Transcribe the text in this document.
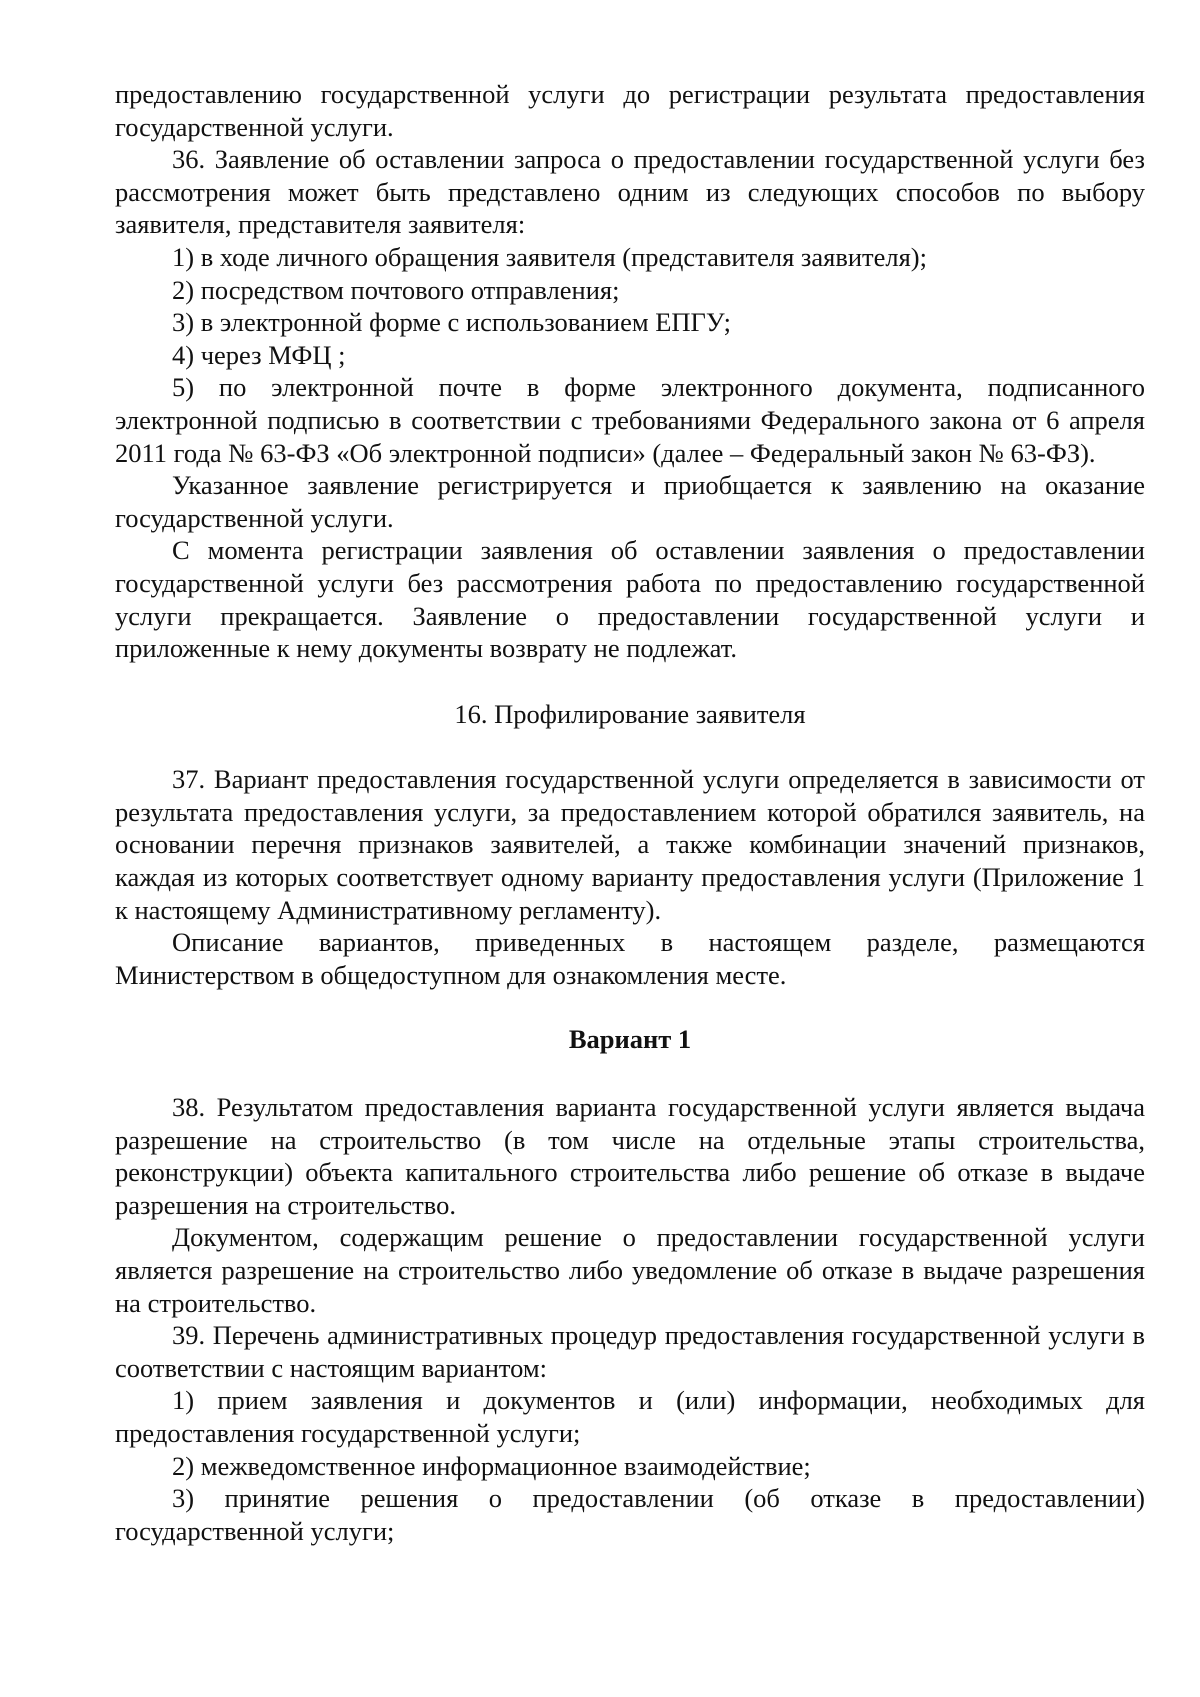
предоставлению государственной услуги до регистрации результата предоставления государственной услуги.

36. Заявление об оставлении запроса о предоставлении государственной услуги без рассмотрения может быть представлено одним из следующих способов по выбору заявителя, представителя заявителя:

1) в ходе личного обращения заявителя (представителя заявителя);

2) посредством почтового отправления;

3) в электронной форме с использованием ЕПГУ;

4) через МФЦ ;

5) по электронной почте в форме электронного документа, подписанного электронной подписью в соответствии с требованиями Федерального закона от 6 апреля 2011 года № 63-ФЗ «Об электронной подписи» (далее – Федеральный закон № 63-ФЗ).

Указанное заявление регистрируется и приобщается к заявлению на оказание государственной услуги.

С момента регистрации заявления об оставлении заявления о предоставлении государственной услуги без рассмотрения работа по предоставлению государственной услуги прекращается. Заявление о предоставлении государственной услуги и приложенные к нему документы возврату не подлежат.

16. Профилирование заявителя

37. Вариант предоставления государственной услуги определяется в зависимости от результата предоставления услуги, за предоставлением которой обратился заявитель, на основании перечня признаков заявителей, а также комбинации значений признаков, каждая из которых соответствует одному варианту предоставления услуги (Приложение 1 к настоящему Административному регламенту).

Описание вариантов, приведенных в настоящем разделе, размещаются Министерством в общедоступном для ознакомления месте.

Вариант 1

38. Результатом предоставления варианта государственной услуги является выдача разрешение на строительство (в том числе на отдельные этапы строительства, реконструкции) объекта капитального строительства либо решение об отказе в выдаче разрешения на строительство.

Документом, содержащим решение о предоставлении государственной услуги является разрешение на строительство либо уведомление об отказе в выдаче разрешения на строительство.

39. Перечень административных процедур предоставления государственной услуги в соответствии с настоящим вариантом:

1) прием заявления и документов и (или) информации, необходимых для предоставления государственной услуги;

2) межведомственное информационное взаимодействие;

3) принятие решения о предоставлении (об отказе в предоставлении) государственной услуги;
